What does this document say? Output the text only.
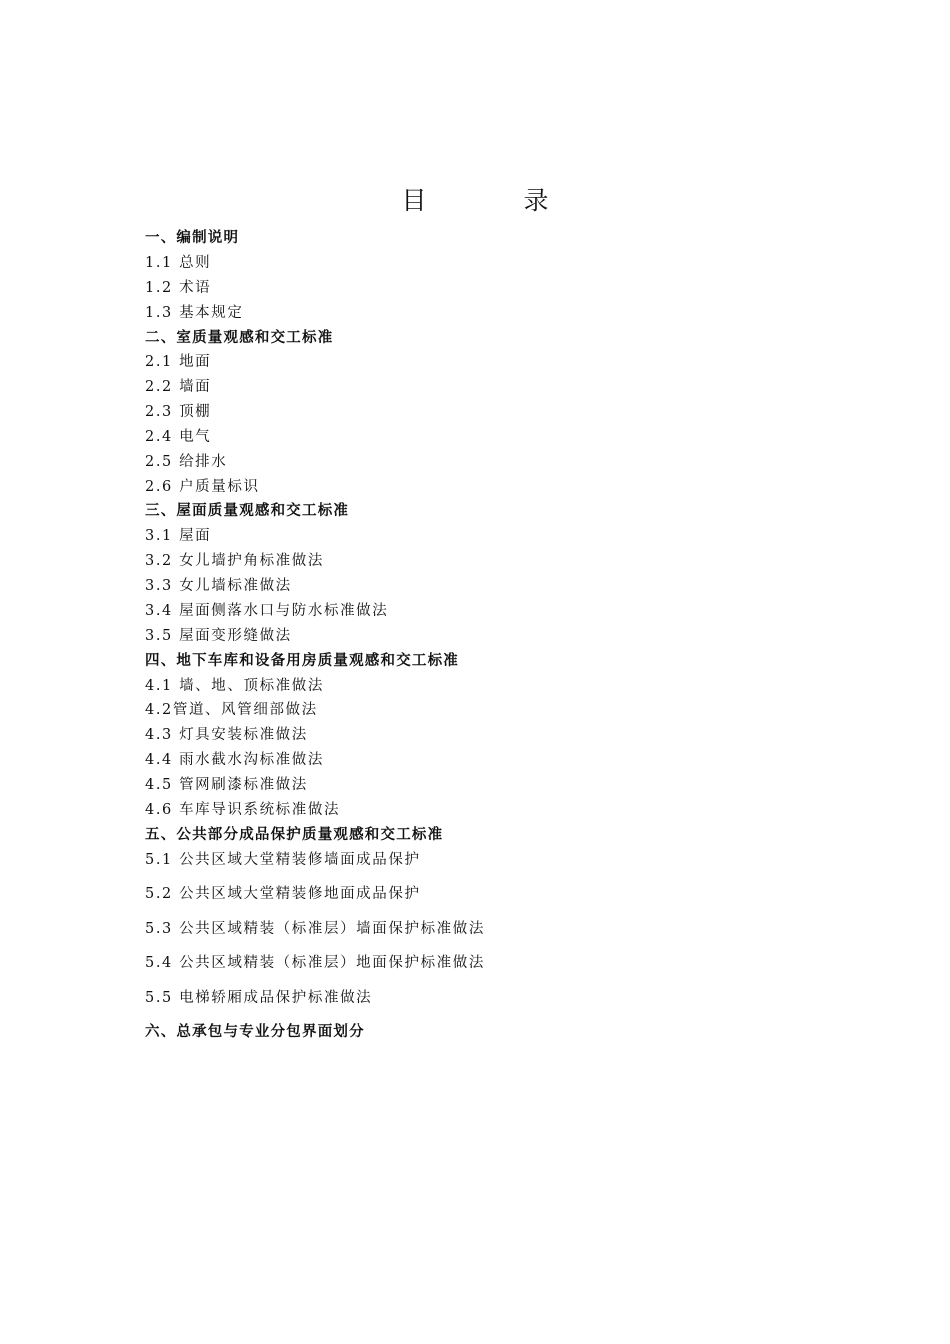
目　录
一、编制说明
1.1 总则
1.2 术语
1.3 基本规定
二、室质量观感和交工标准
2.1 地面
2.2 墙面
2.3 顶棚
2.4 电气
2.5 给排水
2.6 户质量标识
三、屋面质量观感和交工标准
3.1 屋面
3.2 女儿墙护角标准做法
3.3 女儿墙标准做法
3.4 屋面侧落水口与防水标准做法
3.5 屋面变形缝做法
四、地下车库和设备用房质量观感和交工标准
4.1 墙、地、顶标准做法
4.2管道、风管细部做法
4.3 灯具安装标准做法
4.4 雨水截水沟标准做法
4.5 管网刷漆标准做法
4.6 车库导识系统标准做法
五、公共部分成品保护质量观感和交工标准
5.1 公共区域大堂精装修墙面成品保护
5.2 公共区域大堂精装修地面成品保护
5.3 公共区域精装（标准层）墙面保护标准做法
5.4 公共区域精装（标准层）地面保护标准做法
5.5 电梯轿厢成品保护标准做法
六、总承包与专业分包界面划分
